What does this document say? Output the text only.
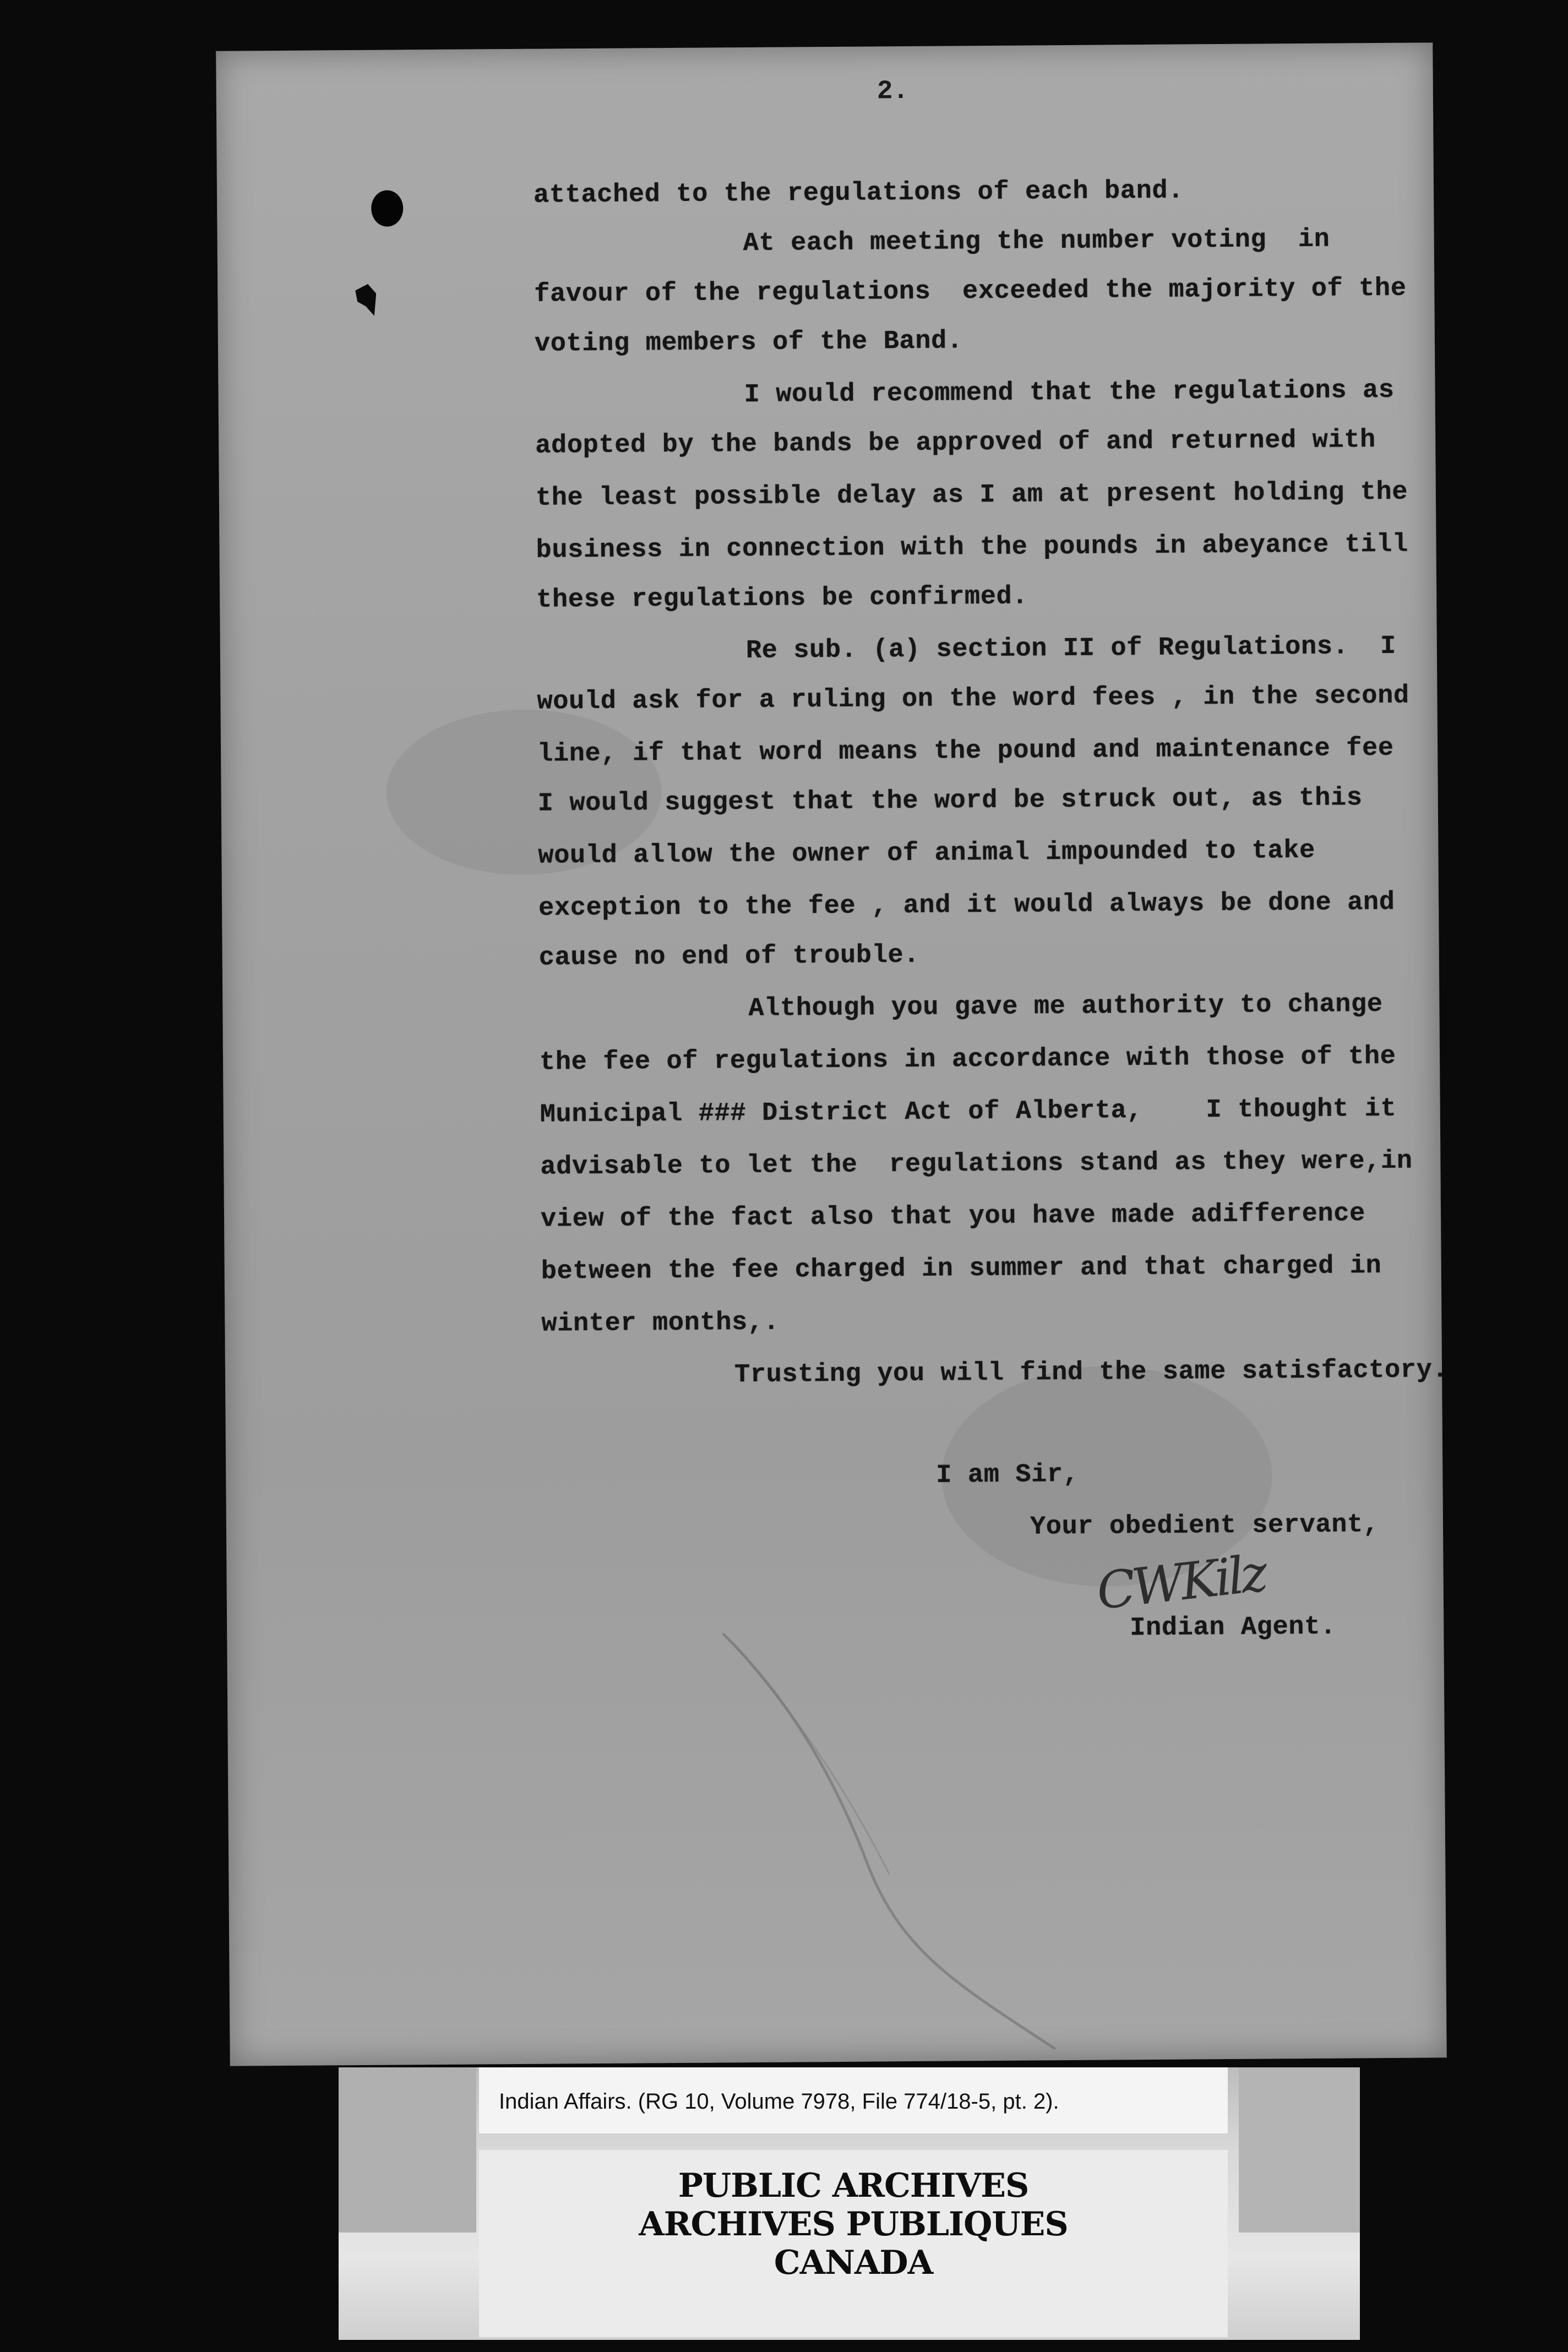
2.
attached to the regulations of each band.
At each meeting the number voting  in
favour of the regulations  exceeded the majority of the
voting members of the Band.
I would recommend that the regulations as
adopted by the bands be approved of and returned with
the least possible delay as I am at present holding the
business in connection with the pounds in abeyance till
these regulations be confirmed.
Re sub. (a) section II of Regulations.  I
would ask for a ruling on the word fees , in the second
line, if that word means the pound and maintenance fee
I would suggest that the word be struck out, as this
would allow the owner of animal impounded to take
exception to the fee , and it would always be done and
cause no end of trouble.
Although you gave me authority to change
the fee of regulations in accordance with those of the
Municipal ### District Act of Alberta,    I thought it
advisable to let the  regulations stand as they were,in
view of the fact also that you have made adifference
between the fee charged in summer and that charged in
winter months,.
Trusting you will find the same satisfactory.
I am Sir,
Your obedient servant,
CWKilz
Indian Agent.
Indian Affairs. (RG 10, Volume 7978, File 774/18-5, pt. 2).
PUBLIC ARCHIVES
ARCHIVES PUBLIQUES
CANADA
